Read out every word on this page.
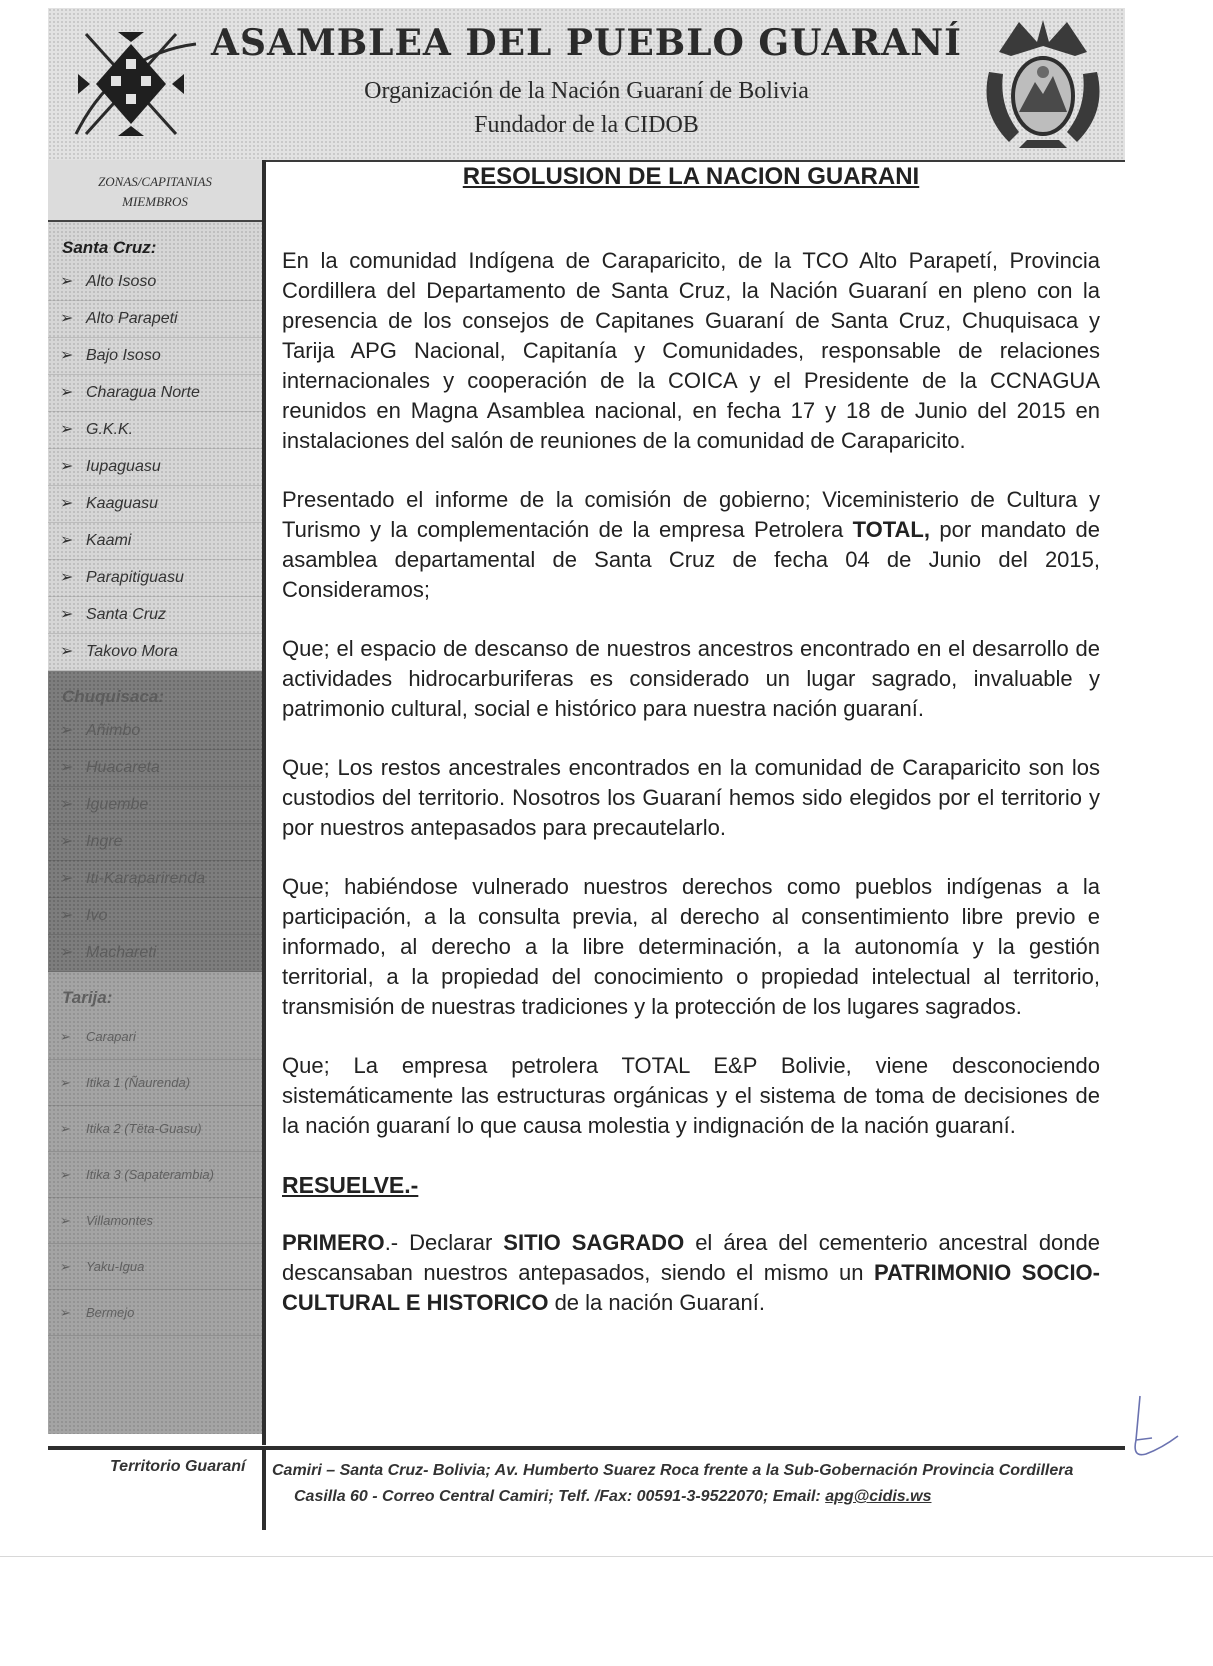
ASAMBLEA DEL PUEBLO GUARANÍ
Organización de la Nación Guaraní de Bolivia
Fundador de la CIDOB
ZONAS/CAPITANIAS
MIEMBROS
Santa Cruz:
➢ Alto Isoso
➢ Alto Parapeti
➢ Bajo Isoso
➢ Charagua Norte
➢ G.K.K.
➢ Iupaguasu
➢ Kaaguasu
➢ Kaami
➢ Parapitiguasu
➢ Santa Cruz
➢ Takovo Mora
Chuquisaca:
➢ Añimbo
➢ Huacareta
➢ Iguembe
➢ Ingre
➢ Iti-Karaparirenda
➢ Ivo
➢ Machareti
Tarija:
➢ Carapari
➢ Itika 1 (Ñaurenda)
➢ Itika 2 (Tëta-Guasu)
➢ Itika 3 (Sapaterambia)
➢ Villamontes
➢ Yaku-Igua
➢ Bermejo

RESOLUSION DE LA NACION GUARANI

En la comunidad Indígena de Caraparicito, de la TCO Alto Parapetí, Provincia Cordillera del Departamento de Santa Cruz, la Nación Guaraní en pleno con la presencia de los consejos de Capitanes Guaraní de Santa Cruz, Chuquisaca y Tarija APG Nacional, Capitanía y Comunidades, responsable de relaciones internacionales y cooperación de la COICA y el Presidente de la CCNAGUA reunidos en Magna Asamblea nacional, en fecha 17 y 18 de Junio del 2015 en instalaciones del salón de reuniones de la comunidad de Caraparicito.

Presentado el informe de la comisión de gobierno; Viceministerio de Cultura y Turismo y la complementación de la empresa Petrolera TOTAL, por mandato de asamblea departamental de Santa Cruz de fecha 04 de Junio del 2015, Consideramos;

Que; el espacio de descanso de nuestros ancestros encontrado en el desarrollo de actividades hidrocarburiferas es considerado un lugar sagrado, invaluable y patrimonio cultural, social e histórico para nuestra nación guaraní.

Que; Los restos ancestrales encontrados en la comunidad de Caraparicito son los custodios del territorio. Nosotros los Guaraní hemos sido elegidos por el territorio y por nuestros antepasados para precautelarlo.

Que; habiéndose vulnerado nuestros derechos como pueblos indígenas a la participación, a la consulta previa, al derecho al consentimiento libre previo e informado, al derecho a la libre determinación, a la autonomía y la gestión territorial, a la propiedad del conocimiento o propiedad intelectual al territorio, transmisión de nuestras tradiciones y la protección de los lugares sagrados.

Que; La empresa petrolera TOTAL E&P Bolivie, viene desconociendo sistemáticamente las estructuras orgánicas y el sistema de toma de decisiones de la nación guaraní lo que causa molestia y indignación de la nación guaraní.

RESUELVE.-

PRIMERO.- Declarar SITIO SAGRADO el área del cementerio ancestral donde descansaban nuestros antepasados, siendo el mismo un PATRIMONIO SOCIO-CULTURAL E HISTORICO de la nación Guaraní.

Territorio Guaraní Camiri – Santa Cruz- Bolivia; Av. Humberto Suarez Roca frente a la Sub-Gobernación Provincia Cordillera
Casilla 60 - Correo Central Camiri; Telf. /Fax: 00591-3-9522070; Email: apg@cidis.ws
